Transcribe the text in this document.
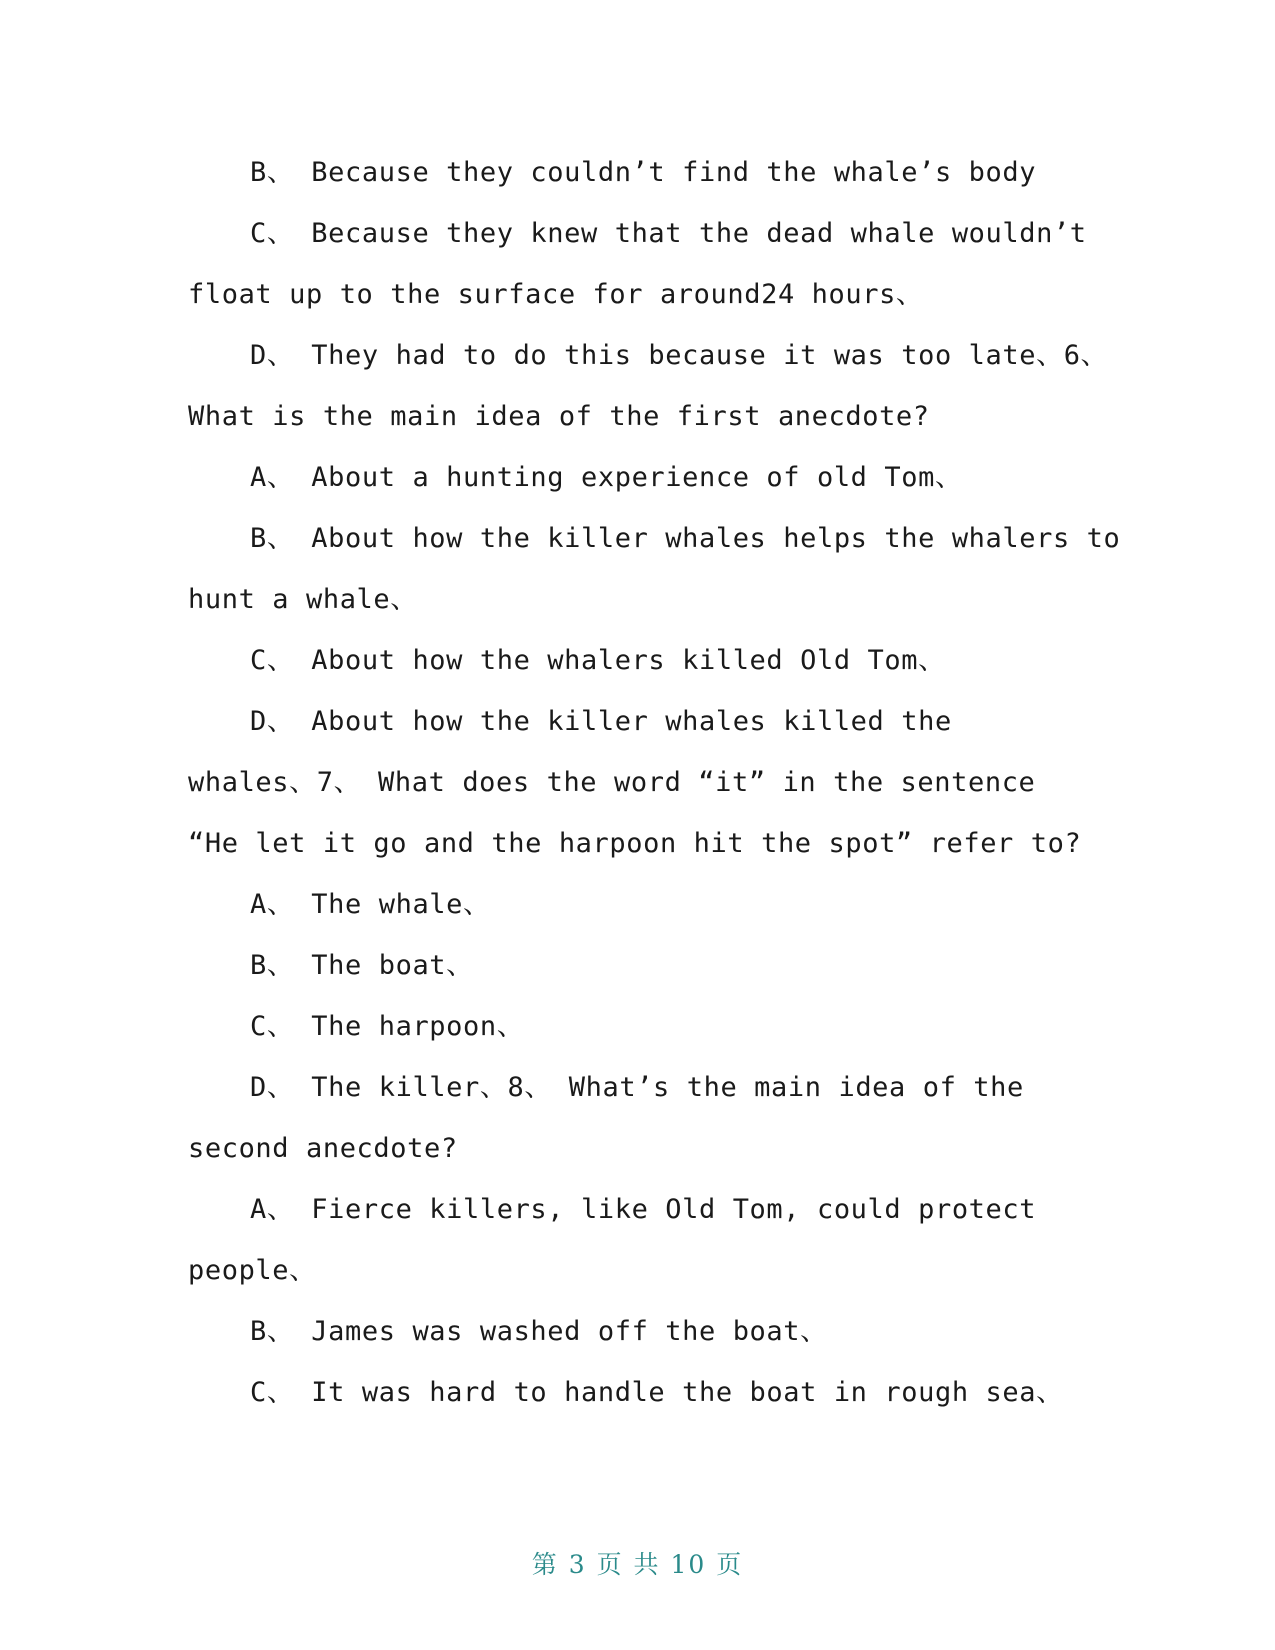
B、 Because they couldn’t find the whale’s body
C、 Because they knew that the dead whale wouldn’t
float up to the surface for around24 hours、
D、 They had to do this because it was too late、6、
What is the main idea of the first anecdote?
A、 About a hunting experience of old Tom、
B、 About how the killer whales helps the whalers to
hunt a whale、
C、 About how the whalers killed Old Tom、
D、 About how the killer whales killed the
whales、7、 What does the word “it” in the sentence
“He let it go and the harpoon hit the spot” refer to?
A、 The whale、
B、 The boat、
C、 The harpoon、
D、 The killer、8、 What’s the main idea of the
second anecdote?
A、 Fierce killers, like Old Tom, could protect
people、
B、 James was washed off the boat、
C、 It was hard to handle the boat in rough sea、
第 3 页 共 10 页
